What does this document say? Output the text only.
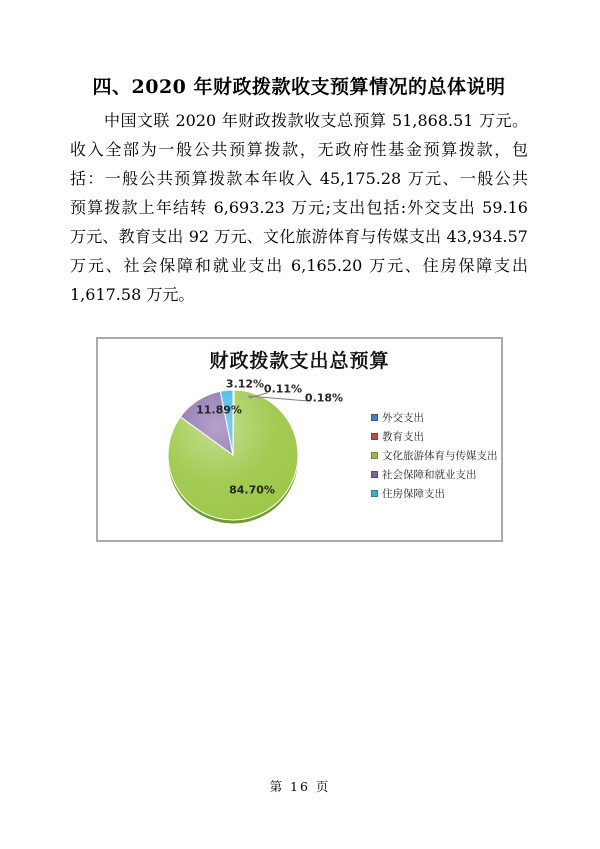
四、2020 年财政拨款收支预算情况的总体说明
中国文联 2020 年财政拨款收支总预算 51,868.51 万元。
收入全部为一般公共预算拨款，无政府性基金预算拨款，包
括：一般公共预算拨款本年收入 45,175.28 万元、一般公共
预算拨款上年结转 6,693.23 万元;支出包括:外交支出 59.16
万元、教育支出 92 万元、文化旅游体育与传媒支出 43,934.57
万元、社会保障和就业支出 6,165.20 万元、住房保障支出
1,617.58 万元。
财政拨款支出总预算
0.11%
0.18%
84.70%
11.89%
3.12%
外交支出
教育支出
文化旅游体育与传媒支出
社会保障和就业支出
住房保障支出
第 16 页
